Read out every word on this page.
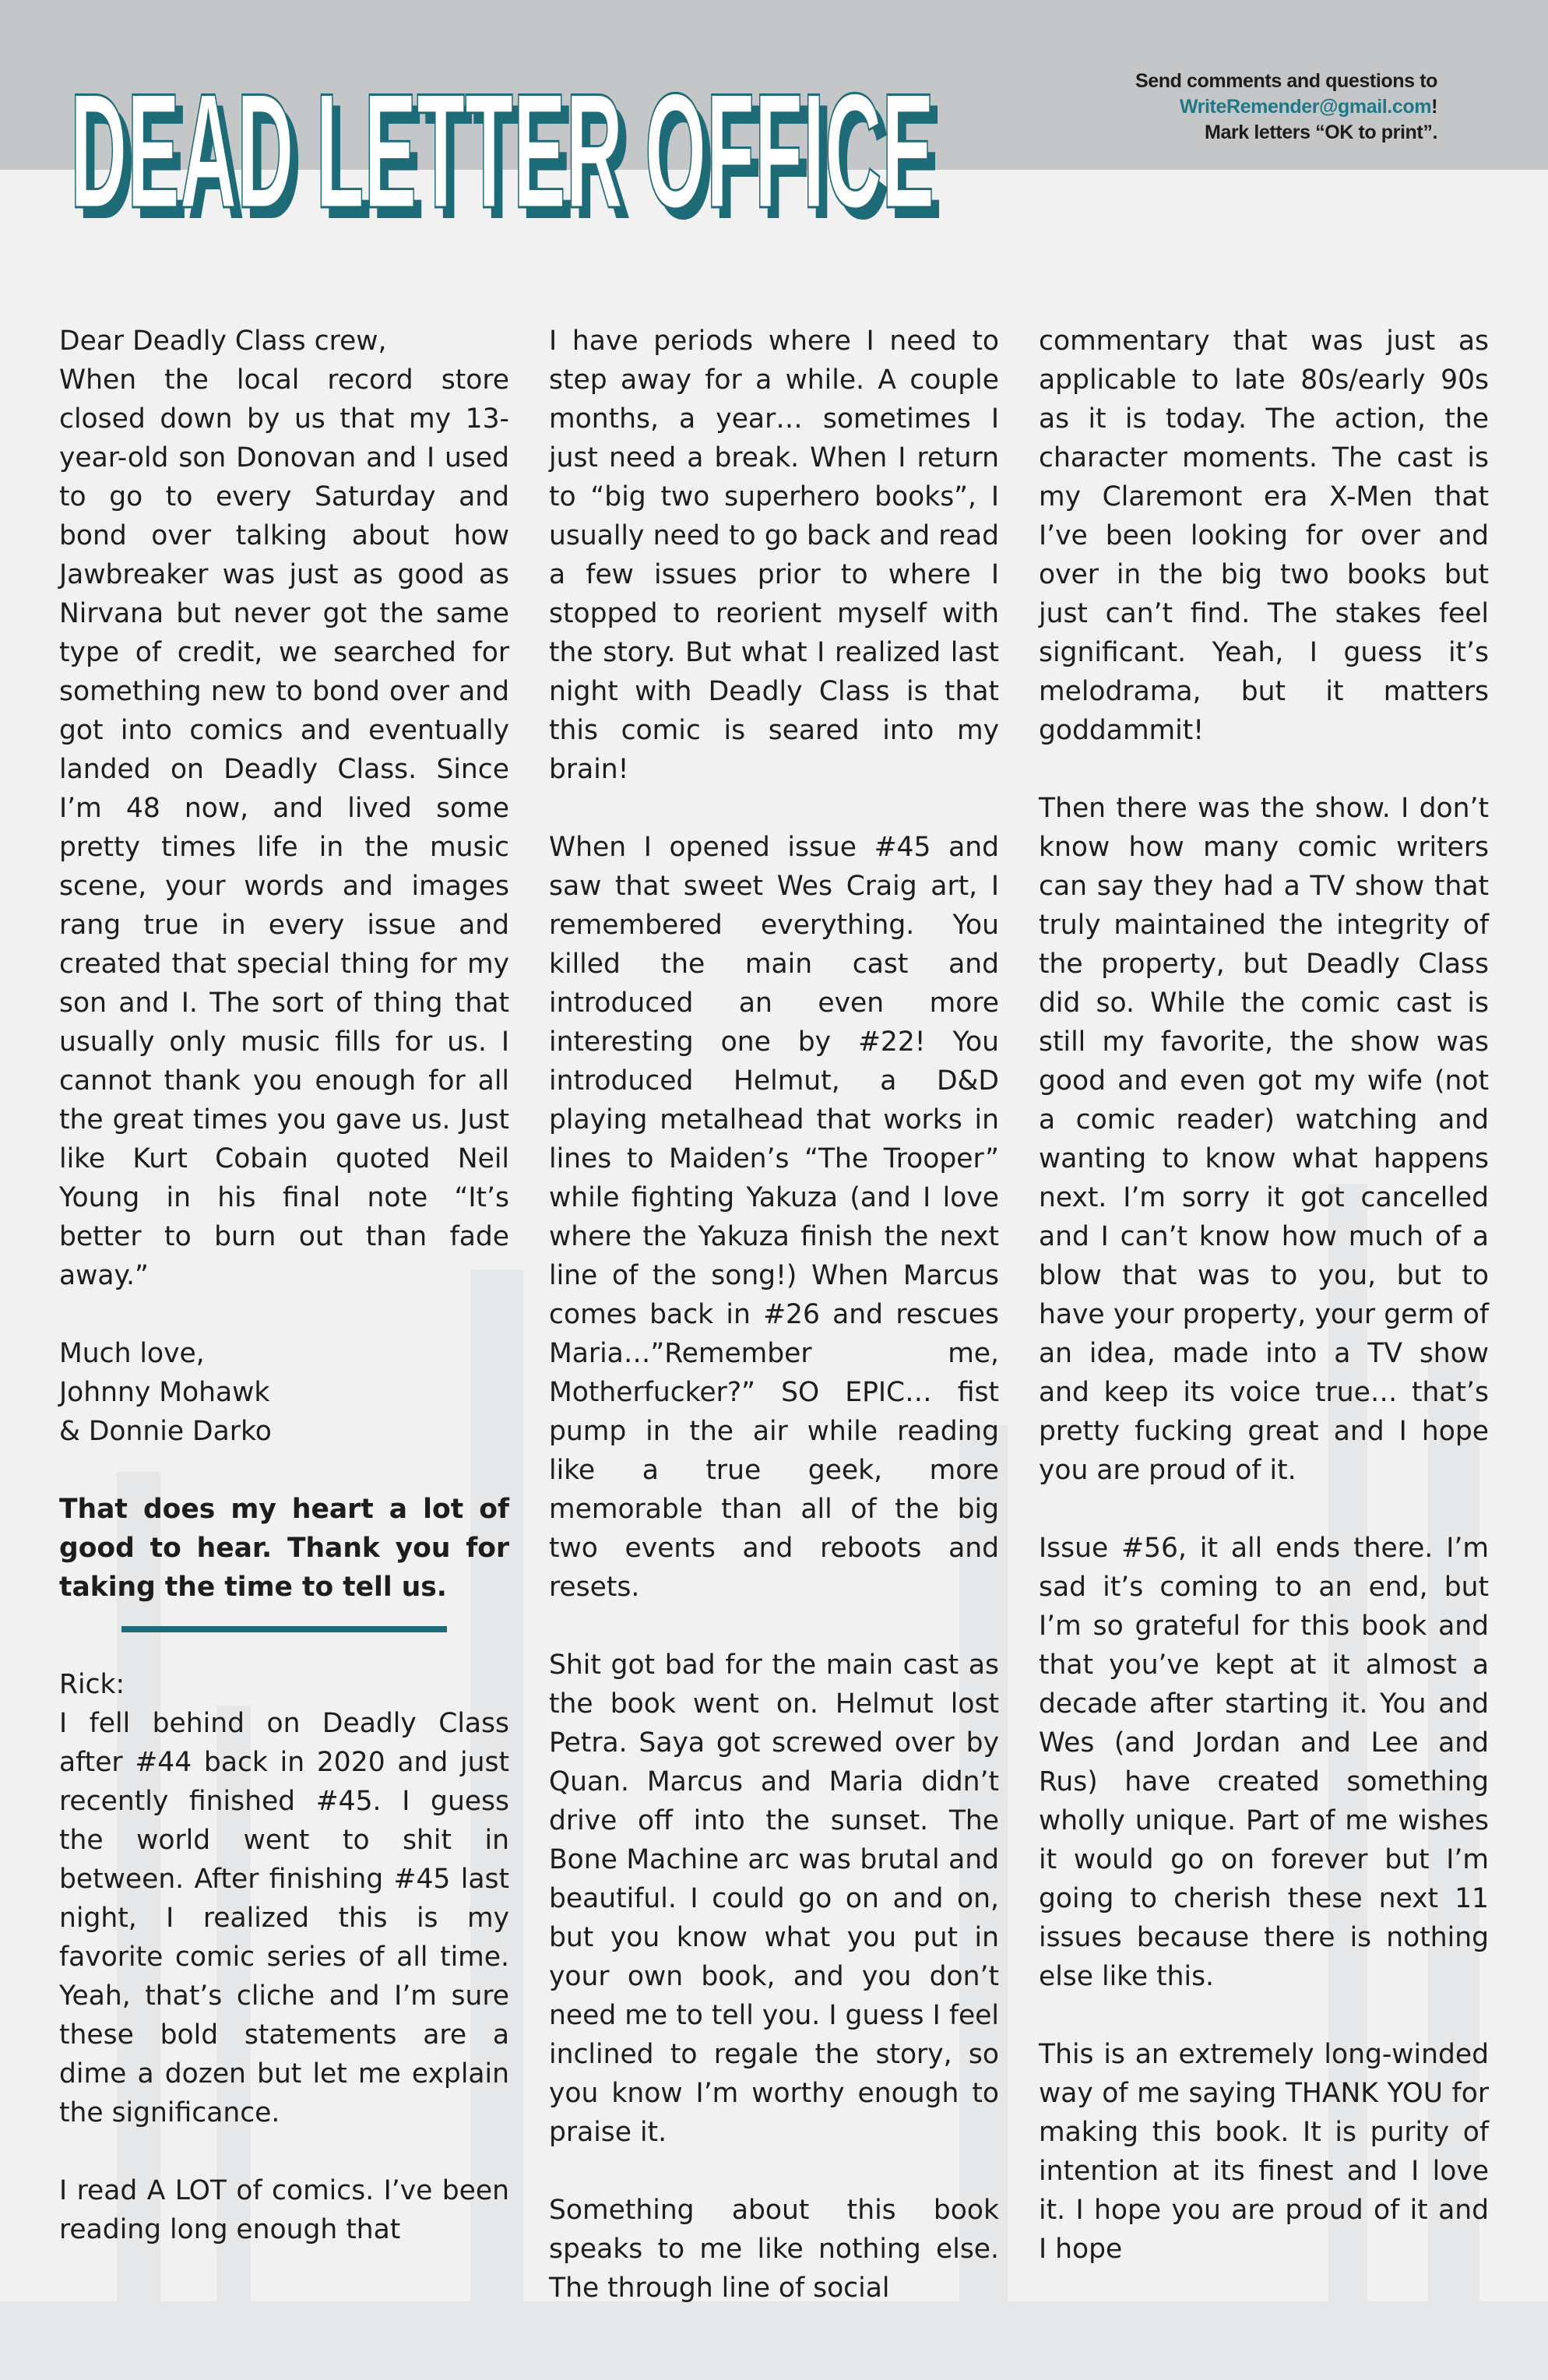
DEAD LETTER OFFICE
DEAD LETTER OFFICE	Send comments and questions to
WriteRemender@gmail.com!
Mark letters “OK to print”.

Dear Deadly Class crew,

When the local record store closed down by us that my 13-year-old son Donovan and I used to go to every Saturday and bond over talking about how Jawbreaker was just as good as Nirvana but never got the same type of credit, we searched for something new to bond over and got into comics and eventually landed on Deadly Class. Since I’m 48 now, and lived some pretty times life in the music scene, your words and images rang true in every issue and created that special thing for my son and I. The sort of thing that usually only music fills for us. I cannot thank you enough for all the great times you gave us. Just like Kurt Cobain quoted Neil Young in his final note “It’s better to burn out than fade away.”

Much love,

Johnny Mohawk

& Donnie Darko

That does my heart a lot of good to hear. Thank you for taking the time to tell us.

Rick:

I fell behind on Deadly Class after #44 back in 2020 and just recently finished #45. I guess the world went to shit in between. After finishing #45 last night, I realized this is my favorite comic series of all time. Yeah, that’s cliche and I’m sure these bold statements are a dime a dozen but let me explain the significance.

I read A LOT of comics. I’ve been reading long enough that

I have periods where I need to step away for a while. A couple months, a year… sometimes I just need a break. When I return to “big two superhero books”, I usually need to go back and read a few issues prior to where I stopped to reorient myself with the story. But what I realized last night with Deadly Class is that this comic is seared into my brain!

When I opened issue #45 and saw that sweet Wes Craig art, I remembered everything. You killed the main cast and introduced an even more interesting one by #22! You introduced Helmut, a D&D playing metalhead that works in lines to Maiden’s “The Trooper” while fighting Yakuza (and I love where the Yakuza finish the next line of the song!) When Marcus comes back in #26 and rescues Maria…”Remember me, Motherfucker?” SO EPIC… fist pump in the air while reading like a true geek, more memorable than all of the big two events and reboots and resets.

Shit got bad for the main cast as the book went on. Helmut lost Petra. Saya got screwed over by Quan. Marcus and Maria didn’t drive off into the sunset. The Bone Machine arc was brutal and beautiful. I could go on and on, but you know what you put in your own book, and you don’t need me to tell you. I guess I feel inclined to regale the story, so you know I’m worthy enough to praise it.

Something about this book speaks to me like nothing else. The through line of social

commentary that was just as applicable to late 80s/early 90s as it is today. The action, the character moments. The cast is my Claremont era X-Men that I’ve been looking for over and over in the big two books but just can’t find. The stakes feel significant. Yeah, I guess it’s melodrama, but it matters goddammit!

Then there was the show. I don’t know how many comic writers can say they had a TV show that truly maintained the integrity of the property, but Deadly Class did so. While the comic cast is still my favorite, the show was good and even got my wife (not a comic reader) watching and wanting to know what happens next. I’m sorry it got cancelled and I can’t know how much of a blow that was to you, but to have your property, your germ of an idea, made into a TV show and keep its voice true… that’s pretty fucking great and I hope you are proud of it.

Issue #56, it all ends there. I’m sad it’s coming to an end, but I’m so grateful for this book and that you’ve kept at it almost a decade after starting it. You and Wes (and Jordan and Lee and Rus) have created something wholly unique. Part of me wishes it would go on forever but I’m going to cherish these next 11 issues because there is nothing else like this.

This is an extremely long-winded way of me saying THANK YOU for making this book. It is purity of intention at its finest and I love it. I hope you are proud of it and I hope
